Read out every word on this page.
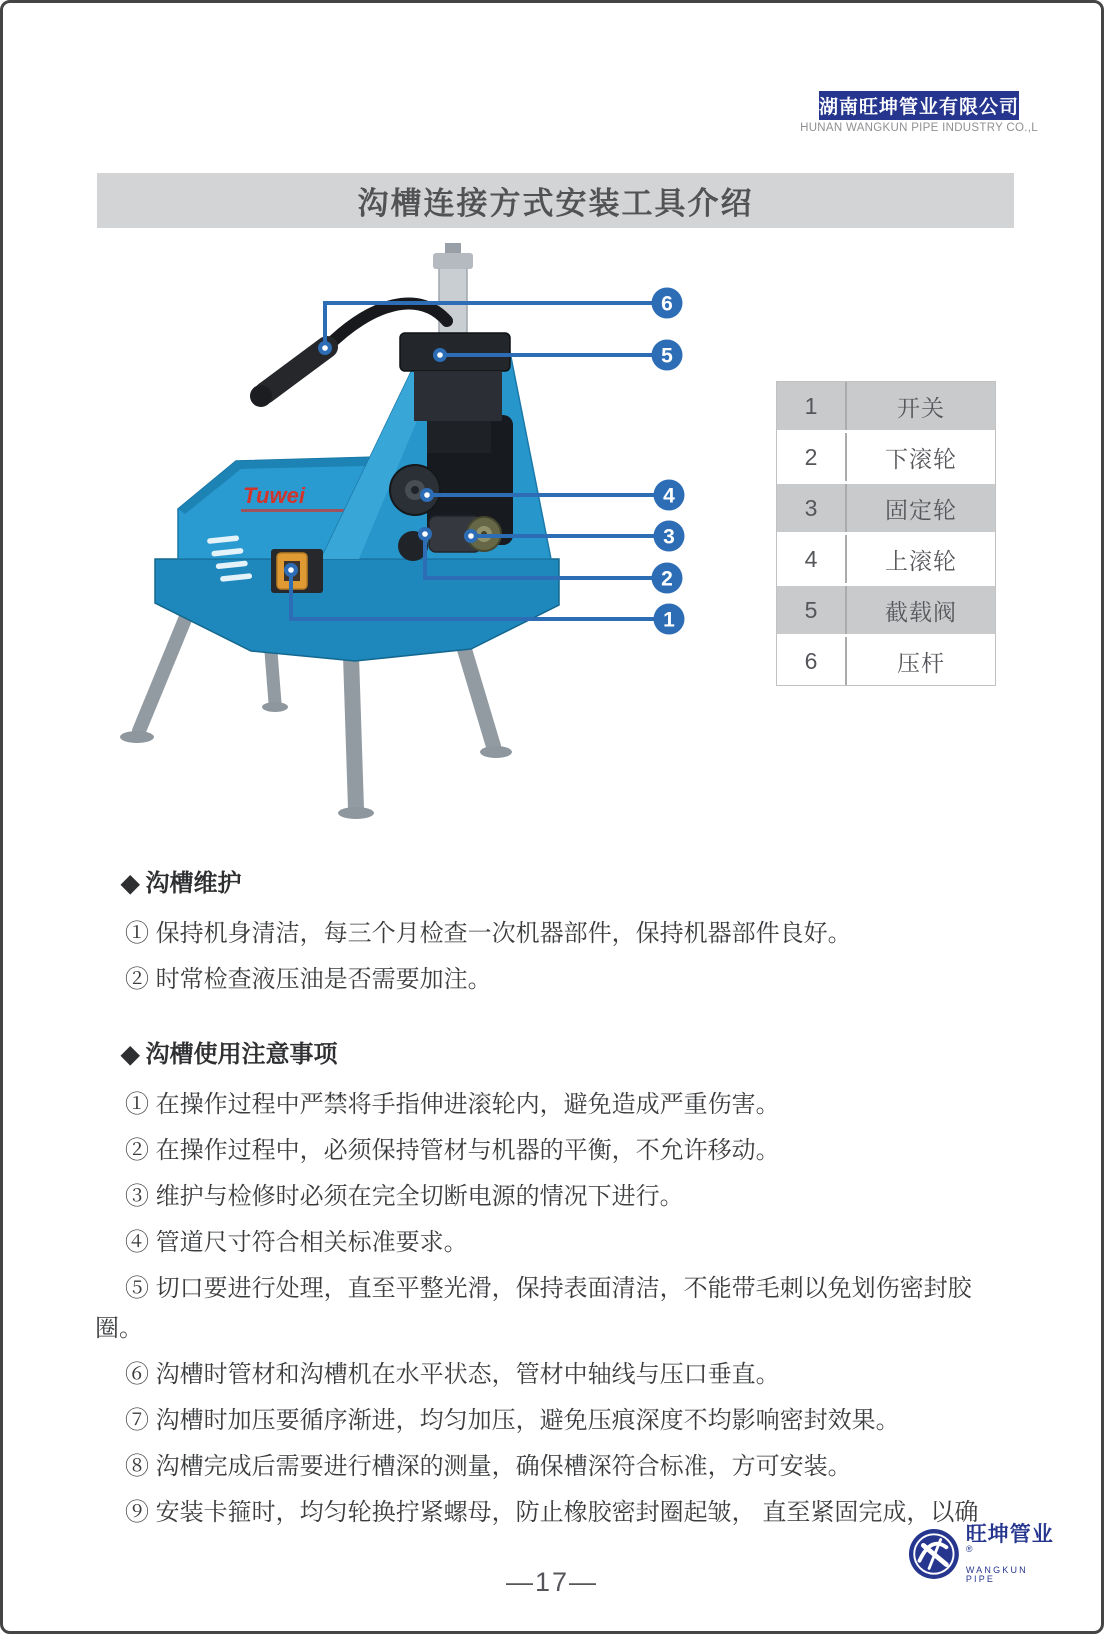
湖南旺坤管业有限公司
HUNAN WANGKUN PIPE INDUSTRY CO.,L
沟槽连接方式安装工具介绍
Tuwei
6
5
4
3
2
1
1	开关
2	下滚轮
3	固定轮
4	上滚轮
5	截载阀
6	压杆
◆ 沟槽维护
① 保持机身清洁，每三个月检查一次机器部件，保持机器部件良好。
② 时常检查液压油是否需要加注。
◆ 沟槽使用注意事项
① 在操作过程中严禁将手指伸进滚轮内，避免造成严重伤害。
② 在操作过程中，必须保持管材与机器的平衡，不允许移动。
③ 维护与检修时必须在完全切断电源的情况下进行。
④ 管道尺寸符合相关标准要求。
⑤ 切口要进行处理，直至平整光滑，保持表面清洁，不能带毛刺以免划伤密封胶圈。
⑥ 沟槽时管材和沟槽机在水平状态，管材中轴线与压口垂直。
⑦ 沟槽时加压要循序渐进，均匀加压，避免压痕深度不均影响密封效果。
⑧ 沟槽完成后需要进行槽深的测量，确保槽深符合标准，方可安装。
⑨ 安装卡箍时，均匀轮换拧紧螺母，防止橡胶密封圈起皱， 直至紧固完成，以确
—17—
旺坤管业®
WANGKUN PIPE
